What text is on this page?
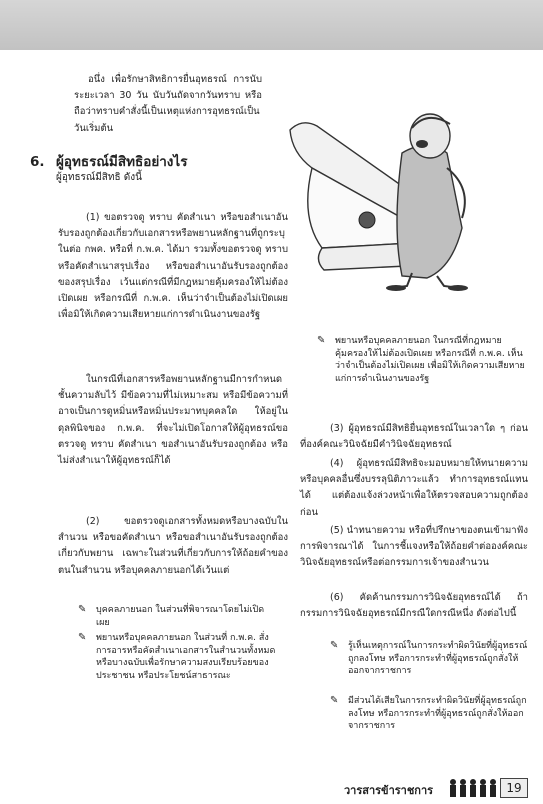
อนึ่ง เพื่อรักษาสิทธิการยื่นอุทธรณ์ การนับระยะเวลา 30 วัน นับวันถัดจากวันทราบ หรือถือว่าทราบคำสั่งนี้เป็นเหตุแห่งการอุทธรณ์เป็นวันเริ่มต้น
6. ผู้อุทธรณ์มีสิทธิอย่างไร
ผู้อุทธรณ์มีสิทธิ ดังนี้
(1) ขอตรวจดู ทราบ คัดสำเนา หรือขอสำเนาอันรับรองถูกต้องเกี่ยวกับเอกสารหรือพยานหลักฐานที่ถูกระบุในต่อ กพค. หรือที่ ก.พ.ค. ได้มา รวมทั้งขอตรวจดู ทราบ หรือคัดสำเนาสรุปเรื่อง หรือขอสำเนาอันรับรองถูกต้องของสรุปเรื่อง เว้นแต่กรณีที่มีกฎหมายคุ้มครองให้ไม่ต้องเปิดเผย หรือกรณีที่ ก.พ.ค. เห็นว่าจำเป็นต้องไม่เปิดเผยเพื่อมิให้เกิดความเสียหายแก่การดำเนินงานของรัฐ
✎ พยานหรือบุคคลภายนอก ในกรณีที่กฎหมายคุ้มครองให้ไม่ต้องเปิดเผย หรือกรณีที่ ก.พ.ค. เห็นว่าจำเป็นต้องไม่เปิดเผย เพื่อมิให้เกิดความเสียหายแก่การดำเนินงานของรัฐ
ในกรณีที่เอกสารหรือพยานหลักฐานมีการกำหนดชั้นความลับไว้ มีข้อความที่ไม่เหมาะสม หรือมีข้อความที่อาจเป็นการดูหมิ่นหรือหมิ่นประมาทบุคคลใด ให้อยู่ในดุลพินิจของ ก.พ.ค. ที่จะไม่เปิดโอกาสให้ผู้อุทธรณ์ขอตรวจดู ทราบ คัดสำเนา ขอสำเนาอันรับรองถูกต้อง หรือไม่ส่งสำเนาให้ผู้อุทธรณ์ก็ได้
(2) ขอตรวจดูเอกสารทั้งหมดหรือบางฉบับในสำนวน หรือขอคัดสำเนา หรือขอสำเนาอันรับรองถูกต้องเกี่ยวกับพยาน เฉพาะในส่วนที่เกี่ยวกับการให้ถ้อยคำของตนในสำนวน หรือบุคคลภายนอกได้เว้นแต่
✎ บุคคลภายนอก ในส่วนที่พิจารณาโดยไม่เปิดเผย
✎ พยานหรือบุคคลภายนอก ในส่วนที่ ก.พ.ค. สั่งการอารหรือคัดสำเนาเอกสารในสำนวนทั้งหมดหรือบางฉบับเพื่อรักษาความสงบเรียบร้อยของประชาชน หรือประโยชน์สาธารณะ
(3) ผู้อุทธรณ์มีสิทธิยื่นอุทธรณ์ในเวลาใด ๆ ก่อนที่องค์คณะวินิจฉัยมีคำวินิจฉัยอุทธรณ์
(4) ผู้อุทธรณ์มีสิทธิจะมอบหมายให้ทนายความ หรือบุคคลอื่นซึ่งบรรลุนิติภาวะแล้ว ทำการอุทธรณ์แทนได้ แต่ต้องแจ้งล่วงหน้าเพื่อให้ตรวจสอบความถูกต้องก่อน
(5) นำทนายความ หรือที่ปรึกษาของตนเข้ามาฟังการพิจารณาได้ ในการชี้แจงหรือให้ถ้อยคำต่อองค์คณะวินิจฉัยอุทธรณ์หรือต่อกรรมการเจ้าของสำนวน
(6) คัดค้านกรรมการวินิจฉัยอุทธรณ์ได้ ถ้ากรรมการวินิจฉัยอุทธรณ์มีกรณีใดกรณีหนึ่ง ดังต่อไปนี้
✎ รู้เห็นเหตุการณ์ในการกระทำผิดวินัยที่ผู้อุทธรณ์ถูกลงโทษ หรือการกระทำที่ผู้อุทธรณ์ถูกสั่งให้ออกจากราชการ
✎ มีส่วนได้เสียในการกระทำผิดวินัยที่ผู้อุทธรณ์ถูกลงโทษ หรือการกระทำที่ผู้อุทธรณ์ถูกสั่งให้ออกจากราชการ
วารสารข้าราชการ	19
